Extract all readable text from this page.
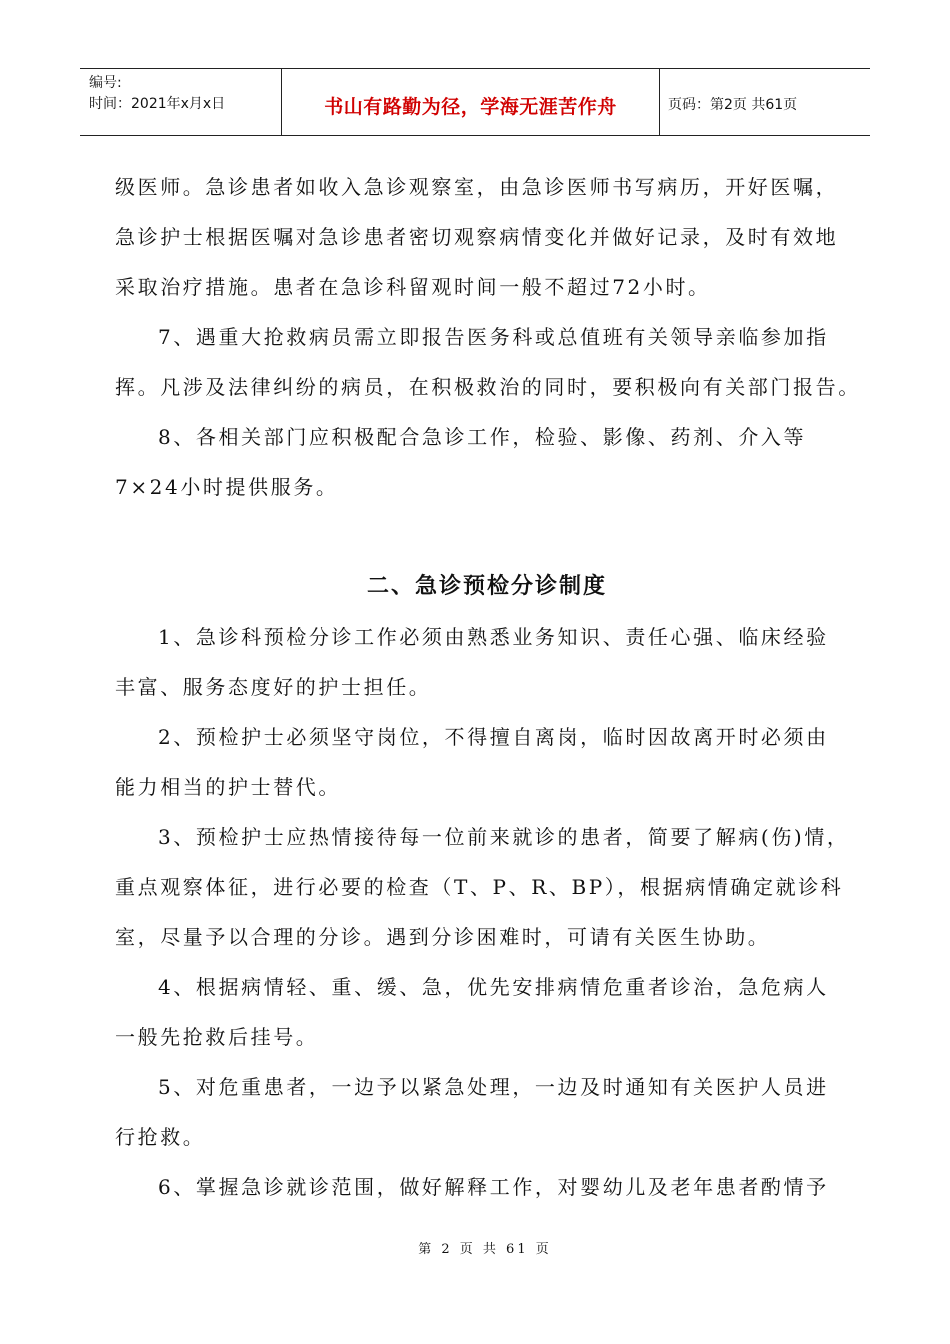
编号:
时间：2021年x月x日	书山有路勤为径，学海无涯苦作舟	页码：第2页 共61页
级医师。急诊患者如收入急诊观察室，由急诊医师书写病历，开好医嘱，
急诊护士根据医嘱对急诊患者密切观察病情变化并做好记录，及时有效地
采取治疗措施。患者在急诊科留观时间一般不超过72小时。
7、遇重大抢救病员需立即报告医务科或总值班有关领导亲临参加指
挥。凡涉及法律纠纷的病员，在积极救治的同时，要积极向有关部门报告。
8、各相关部门应积极配合急诊工作，检验、影像、药剂、介入等
7×24小时提供服务。
二、急诊预检分诊制度
1、急诊科预检分诊工作必须由熟悉业务知识、责任心强、临床经验
丰富、服务态度好的护士担任。
2、预检护士必须坚守岗位，不得擅自离岗，临时因故离开时必须由
能力相当的护士替代。
3、预检护士应热情接待每一位前来就诊的患者，简要了解病(伤)情，
重点观察体征，进行必要的检查（T、P、R、BP），根据病情确定就诊科
室，尽量予以合理的分诊。遇到分诊困难时，可请有关医生协助。
4、根据病情轻、重、缓、急，优先安排病情危重者诊治，急危病人
一般先抢救后挂号。
5、对危重患者，一边予以紧急处理，一边及时通知有关医护人员进
行抢救。
6、掌握急诊就诊范围，做好解释工作，对婴幼儿及老年患者酌情予
第 2 页 共 61 页
